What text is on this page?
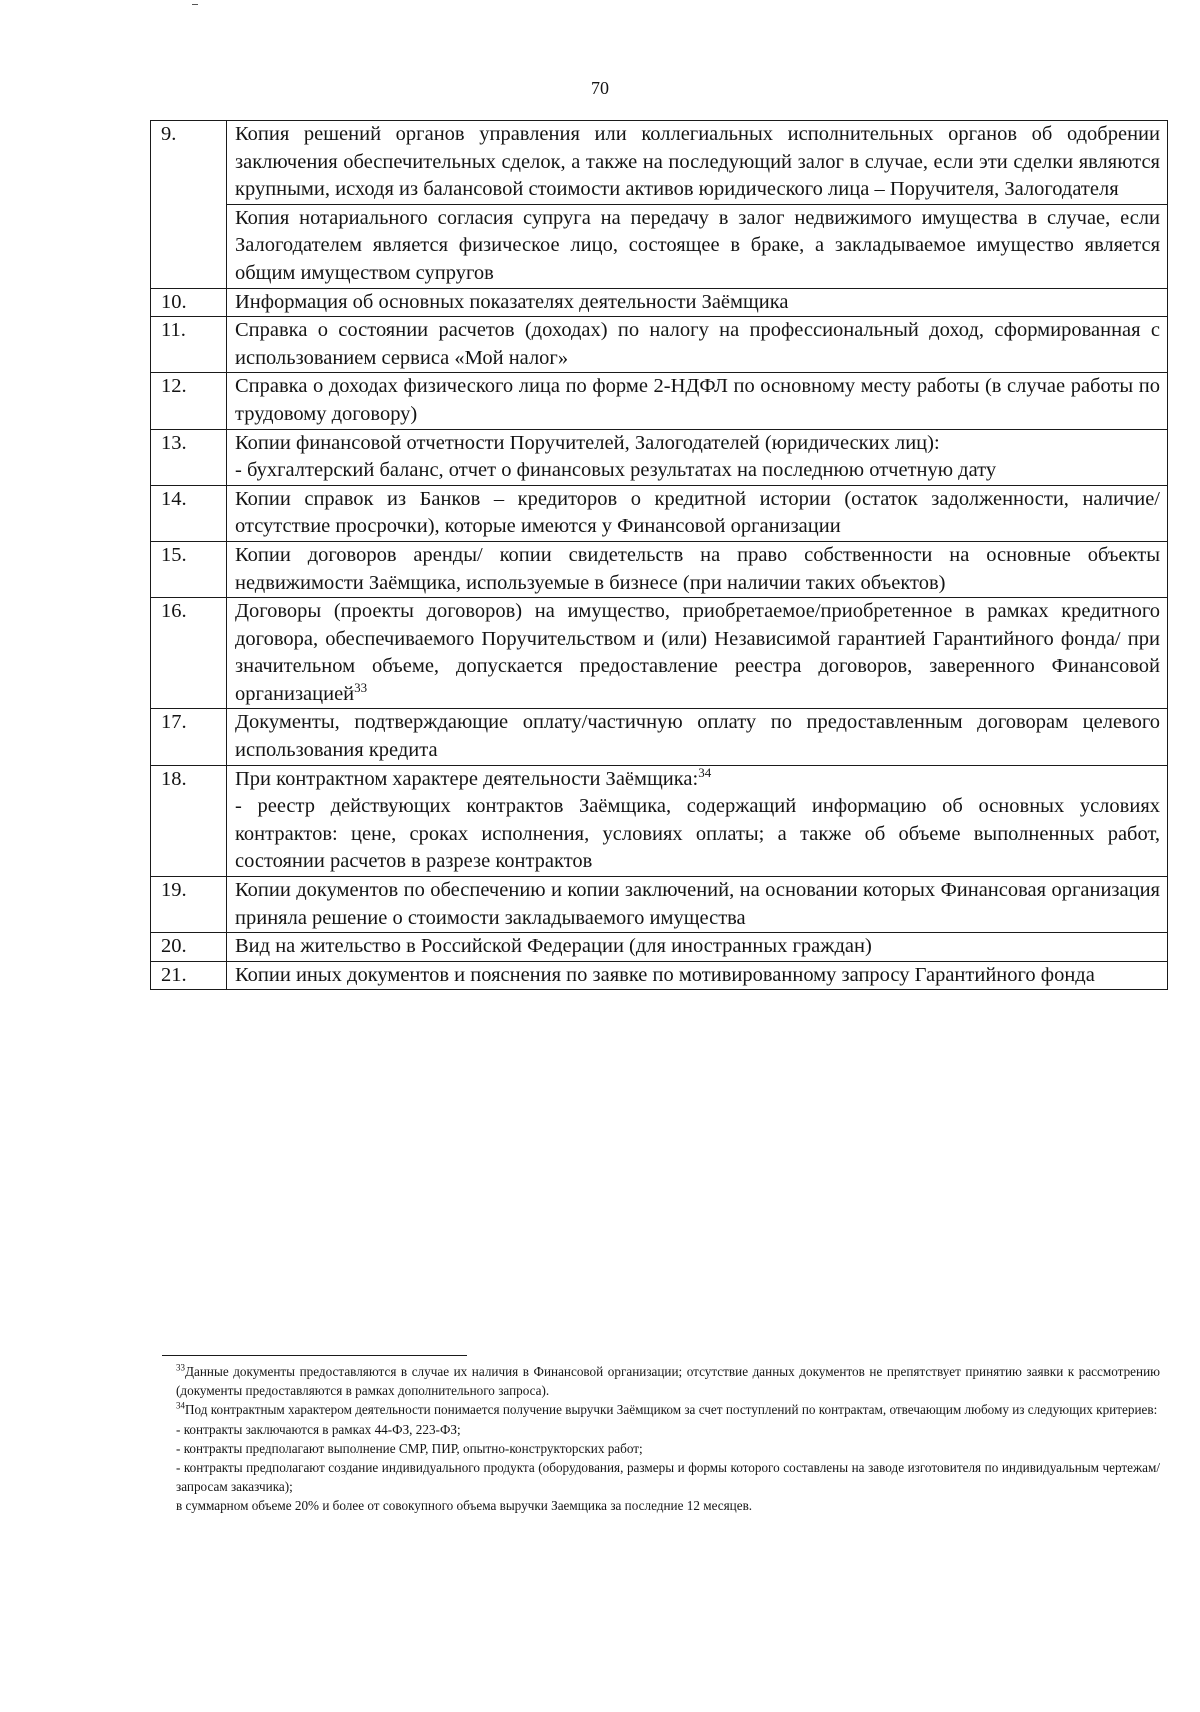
70
9.	Копия решений органов управления или коллегиальных исполнительных органов об одобрении заключения обеспечительных сделок, а также на последующий залог в случае, если эти сделки являются крупными, исходя из балансовой стоимости активов юридического лица – Поручителя, Залогодателя

	Копия нотариального согласия супруга на передачу в залог недвижимого имущества в случае, если Залогодателем является физическое лицо, состоящее в браке, а закладываемое имущество является общим имуществом супругов

10.	Информация об основных показателях деятельности Заёмщика

11.	Справка о состоянии расчетов (доходах) по налогу на профессиональный доход, сформированная с использованием сервиса «Мой налог»

12.	Справка о доходах физического лица по форме 2-НДФЛ по основному месту работы (в случае работы по трудовому договору)

13.	Копии финансовой отчетности Поручителей, Залогодателей (юридических лиц):
- бухгалтерский баланс, отчет о финансовых результатах на последнюю отчетную дату

14.	Копии справок из Банков – кредиторов о кредитной истории (остаток задолженности, наличие/отсутствие просрочки), которые имеются у Финансовой организации

15.	Копии договоров аренды/ копии свидетельств на право собственности на основные объекты недвижимости Заёмщика, используемые в бизнесе (при наличии таких объектов)

16.	Договоры (проекты договоров) на имущество, приобретаемое/приобретенное в рамках кредитного договора, обеспечиваемого Поручительством и (или) Независимой гарантией Гарантийного фонда/ при значительном объеме, допускается предоставление реестра договоров, заверенного Финансовой организацией$^{33}$

17.	Документы, подтверждающие оплату/частичную оплату по предоставленным договорам целевого использования кредита

18.	При контрактном характере деятельности Заёмщика:$^{34}$
- реестр действующих контрактов Заёмщика, содержащий информацию об основных условиях контрактов: цене, сроках исполнения, условиях оплаты; а также об объеме выполненных работ, состоянии расчетов в разрезе контрактов

19.	Копии документов по обеспечению и копии заключений, на основании которых Финансовая организация приняла решение о стоимости закладываемого имущества

20.	Вид на жительство в Российской Федерации (для иностранных граждан)

21.	Копии иных документов и пояснения по заявке по мотивированному запросу Гарантийного фонда

$^{33}$Данные документы предоставляются в случае их наличия в Финансовой организации; отсутствие данных документов не препятствует принятию заявки к рассмотрению (документы предоставляются в рамках дополнительного запроса).

$^{34}$Под контрактным характером деятельности понимается получение выручки Заёмщиком за счет поступлений по контрактам, отвечающим любому из следующих критериев:

- контракты заключаются в рамках 44-ФЗ, 223-ФЗ;

- контракты предполагают выполнение СМР, ПИР, опытно-конструкторских работ;

- контракты предполагают создание индивидуального продукта (оборудования, размеры и формы которого составлены на заводе изготовителя по индивидуальным чертежам/ запросам заказчика);

в суммарном объеме 20% и более от совокупного объема выручки Заемщика за последние 12 месяцев.
